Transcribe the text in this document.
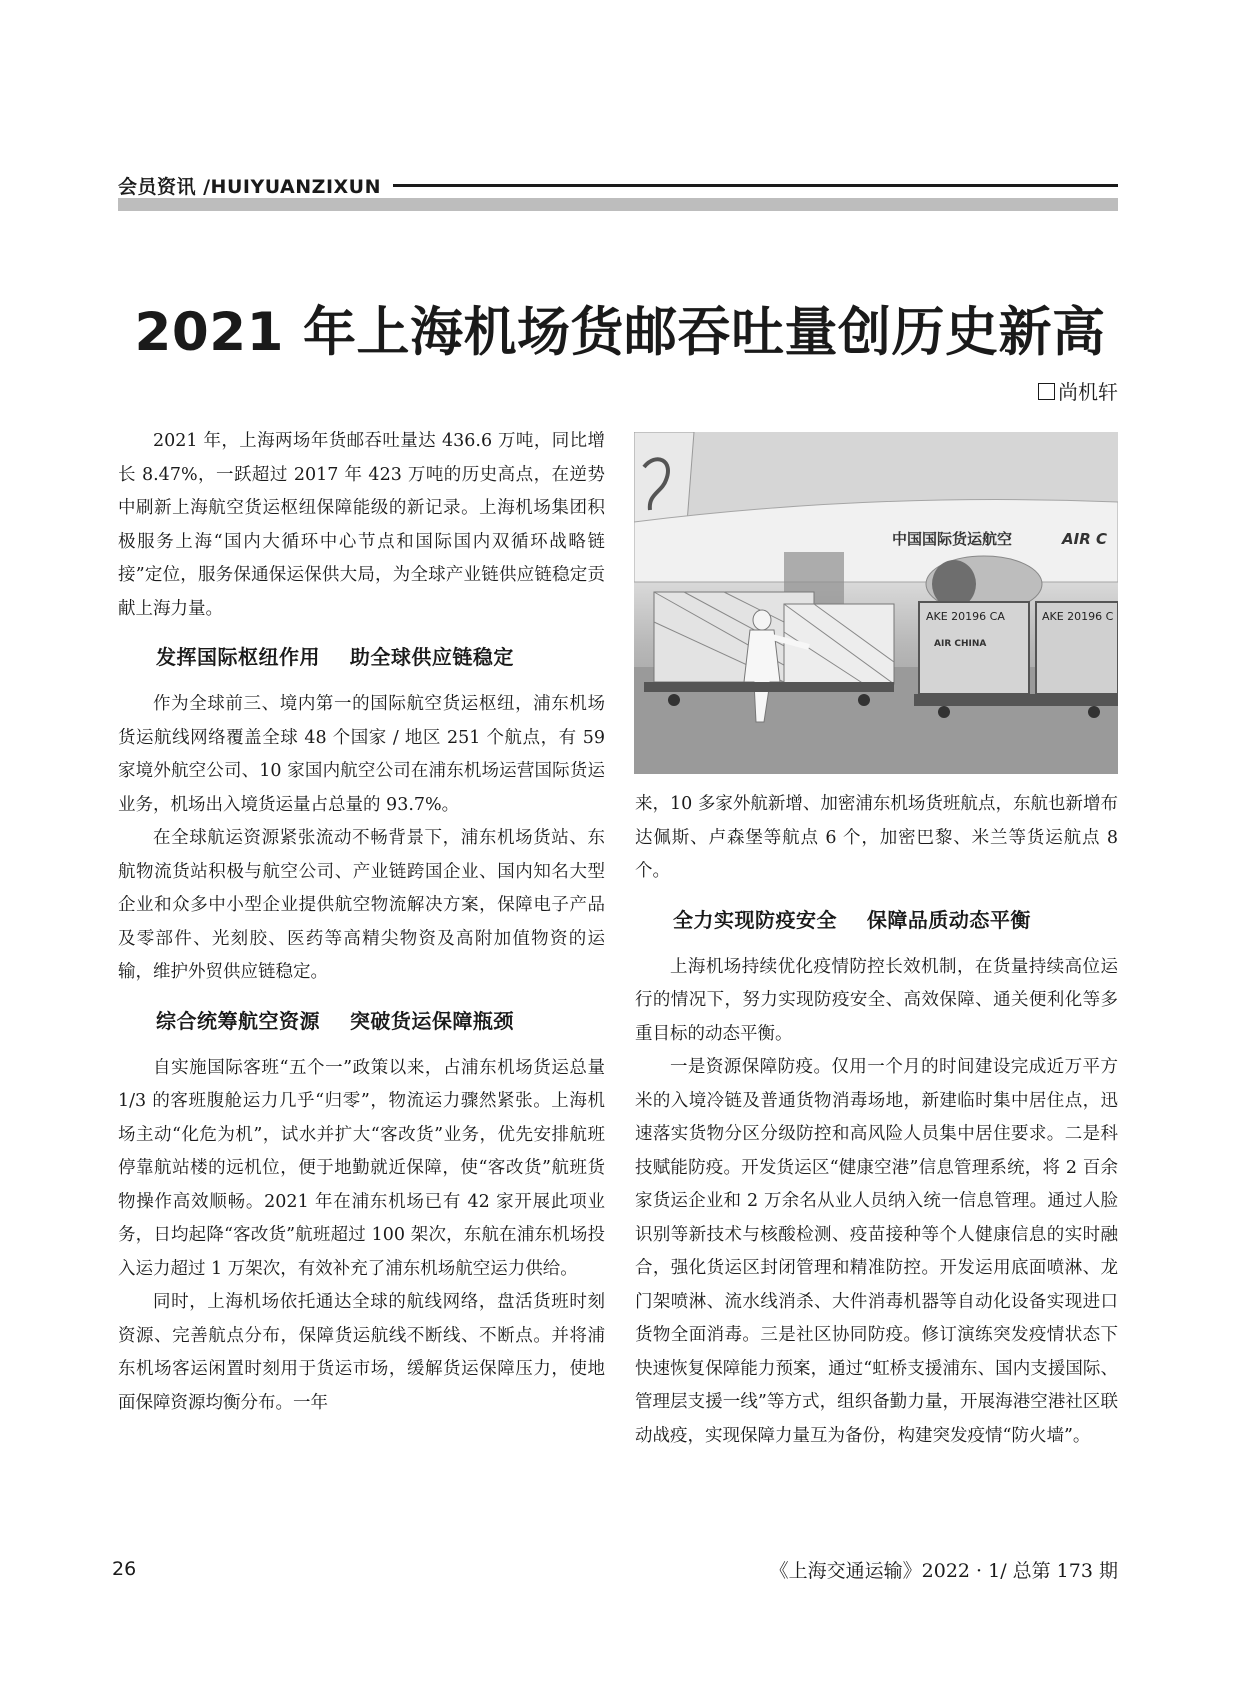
会员资讯 /HUIYUANZIXUN
2021 年上海机场货邮吞吐量创历史新高
尚机轩

2021 年，上海两场年货邮吞吐量达 436.6 万吨，同比增长 8.47%，一跃超过 2017 年 423 万吨的历史高点，在逆势中刷新上海航空货运枢纽保障能级的新记录。上海机场集团积极服务上海“国内大循环中心节点和国际国内双循环战略链接”定位，服务保通保运保供大局，为全球产业链供应链稳定贡献上海力量。

发挥国际枢纽作用    助全球供应链稳定

作为全球前三、境内第一的国际航空货运枢纽，浦东机场货运航线网络覆盖全球 48 个国家 / 地区 251 个航点，有 59 家境外航空公司、10 家国内航空公司在浦东机场运营国际货运业务，机场出入境货运量占总量的 93.7%。

在全球航运资源紧张流动不畅背景下，浦东机场货站、东航物流货站积极与航空公司、产业链跨国企业、国内知名大型企业和众多中小型企业提供航空物流解决方案，保障电子产品及零部件、光刻胶、医药等高精尖物资及高附加值物资的运输，维护外贸供应链稳定。

综合统筹航空资源    突破货运保障瓶颈

自实施国际客班“五个一”政策以来，占浦东机场货运总量 1/3 的客班腹舱运力几乎“归零”，物流运力骤然紧张。上海机场主动“化危为机”，试水并扩大“客改货”业务，优先安排航班停靠航站楼的远机位，便于地勤就近保障，使“客改货”航班货物操作高效顺畅。2021 年在浦东机场已有 42 家开展此项业务，日均起降“客改货”航班超过 100 架次，东航在浦东机场投入运力超过 1 万架次，有效补充了浦东机场航空运力供给。

同时，上海机场依托通达全球的航线网络，盘活货班时刻资源、完善航点分布，保障货运航线不断线、不断点。并将浦东机场客运闲置时刻用于货运市场，缓解货运保障压力，使地面保障资源均衡分布。一年

中国国际货运航空	AIR C
AKE 20196 CA
AIR CHINA
AKE 20196 C

来，10 多家外航新增、加密浦东机场货班航点，东航也新增布达佩斯、卢森堡等航点 6 个，加密巴黎、米兰等货运航点 8 个。

全力实现防疫安全    保障品质动态平衡

上海机场持续优化疫情防控长效机制，在货量持续高位运行的情况下，努力实现防疫安全、高效保障、通关便利化等多重目标的动态平衡。

一是资源保障防疫。仅用一个月的时间建设完成近万平方米的入境冷链及普通货物消毒场地，新建临时集中居住点，迅速落实货物分区分级防控和高风险人员集中居住要求。二是科技赋能防疫。开发货运区“健康空港”信息管理系统，将 2 百余家货运企业和 2 万余名从业人员纳入统一信息管理。通过人脸识别等新技术与核酸检测、疫苗接种等个人健康信息的实时融合，强化货运区封闭管理和精准防控。开发运用底面喷淋、龙门架喷淋、流水线消杀、大件消毒机器等自动化设备实现进口货物全面消毒。三是社区协同防疫。修订演练突发疫情状态下快速恢复保障能力预案，通过“虹桥支援浦东、国内支援国际、管理层支援一线”等方式，组织备勤力量，开展海港空港社区联动战疫，实现保障力量互为备份，构建突发疫情“防火墙”。

26	《上海交通运输》2022 · 1/ 总第 173 期
